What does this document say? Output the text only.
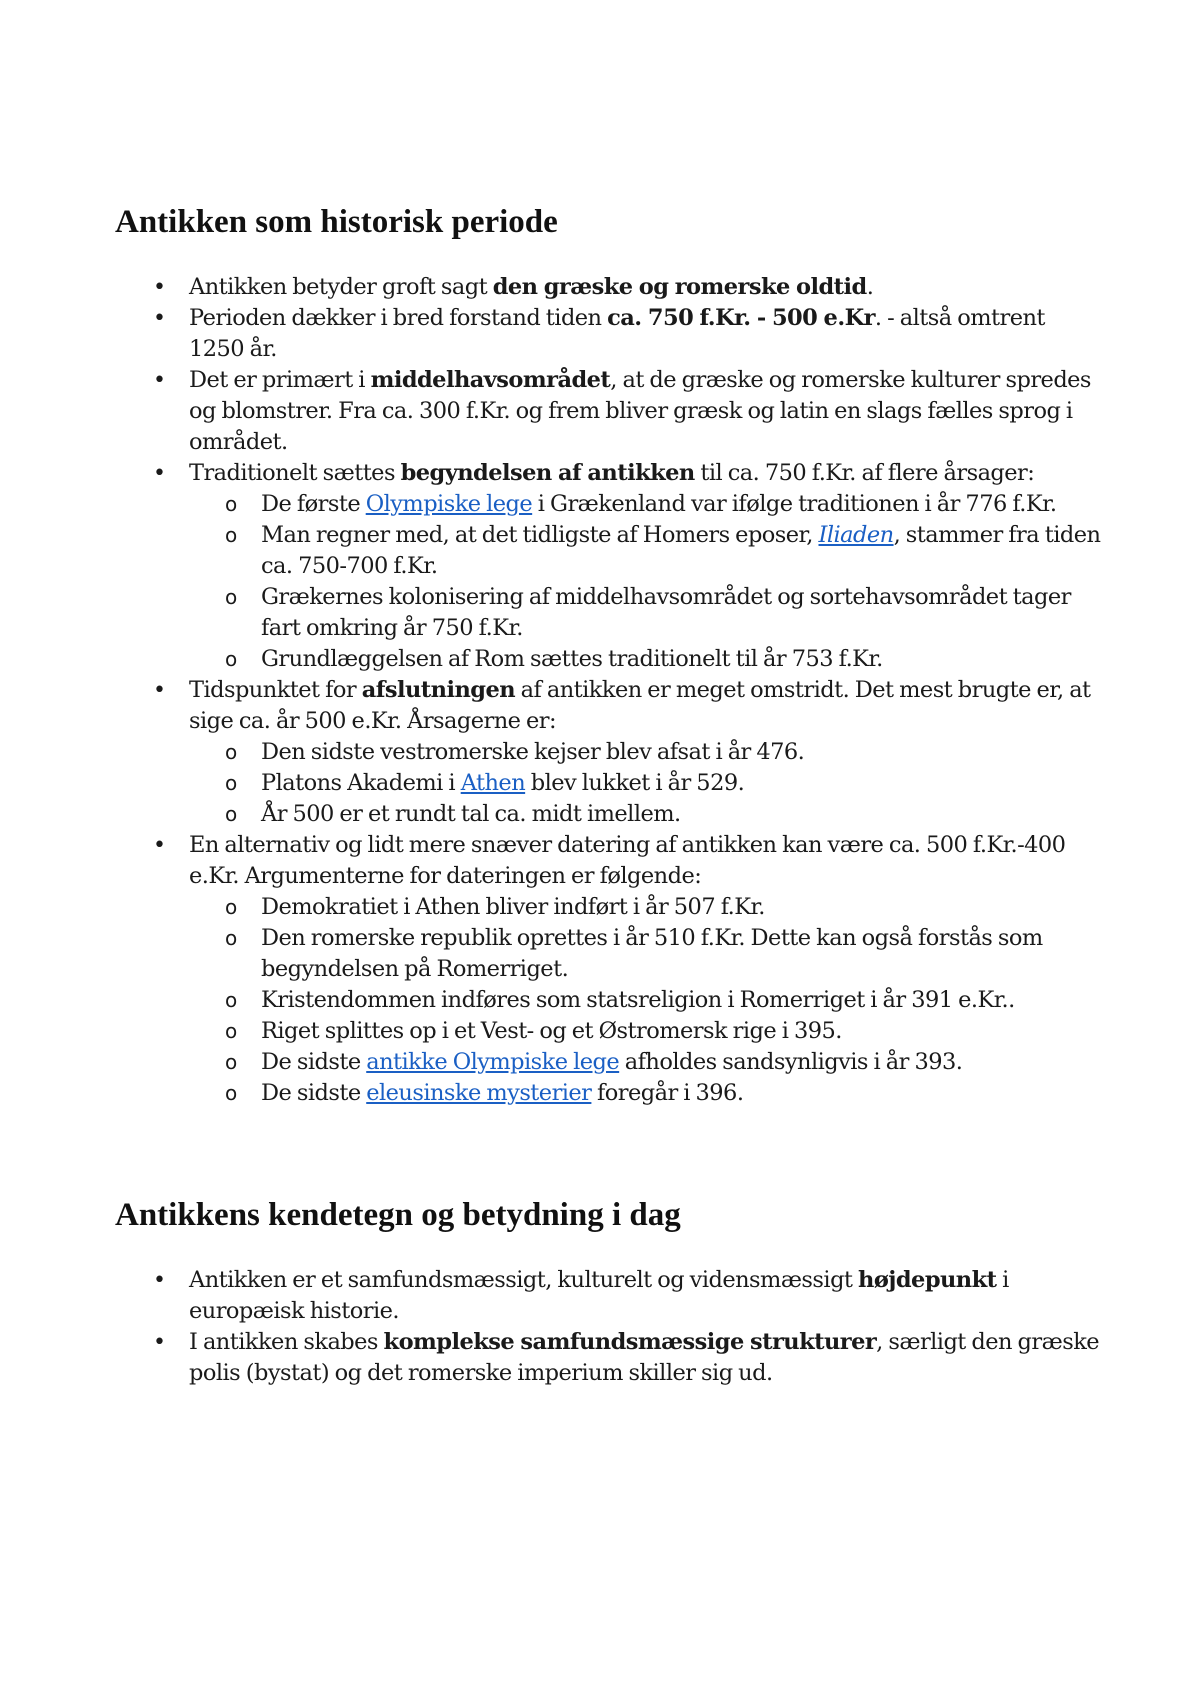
Antikken som historisk periode
• Antikken betyder groft sagt den græske og romerske oldtid.
• Perioden dækker i bred forstand tiden ca. 750 f.Kr. - 500 e.Kr. - altså omtrent 1250 år.
• Det er primært i middelhavsområdet, at de græske og romerske kulturer spredes og blomstrer. Fra ca. 300 f.Kr. og frem bliver græsk og latin en slags fælles sprog i området.
• Traditionelt sættes begyndelsen af antikken til ca. 750 f.Kr. af flere årsager:
o De første Olympiske lege i Grækenland var ifølge traditionen i år 776 f.Kr.
o Man regner med, at det tidligste af Homers eposer, Iliaden, stammer fra tiden ca. 750-700 f.Kr.
o Grækernes kolonisering af middelhavsområdet og sortehavsområdet tager fart omkring år 750 f.Kr.
o Grundlæggelsen af Rom sættes traditionelt til år 753 f.Kr.
• Tidspunktet for afslutningen af antikken er meget omstridt. Det mest brugte er, at sige ca. år 500 e.Kr. Årsagerne er:
o Den sidste vestromerske kejser blev afsat i år 476.
o Platons Akademi i Athen blev lukket i år 529.
o År 500 er et rundt tal ca. midt imellem.
• En alternativ og lidt mere snæver datering af antikken kan være ca. 500 f.Kr.-400 e.Kr. Argumenterne for dateringen er følgende:
o Demokratiet i Athen bliver indført i år 507 f.Kr.
o Den romerske republik oprettes i år 510 f.Kr. Dette kan også forstås som begyndelsen på Romerriget.
o Kristendommen indføres som statsreligion i Romerriget i år 391 e.Kr..
o Riget splittes op i et Vest- og et Østromersk rige i 395.
o De sidste antikke Olympiske lege afholdes sandsynligvis i år 393.
o De sidste eleusinske mysterier foregår i 396.
Antikkens kendetegn og betydning i dag
• Antikken er et samfundsmæssigt, kulturelt og vidensmæssigt højdepunkt i europæisk historie.
• I antikken skabes komplekse samfundsmæssige strukturer, særligt den græske polis (bystat) og det romerske imperium skiller sig ud.
